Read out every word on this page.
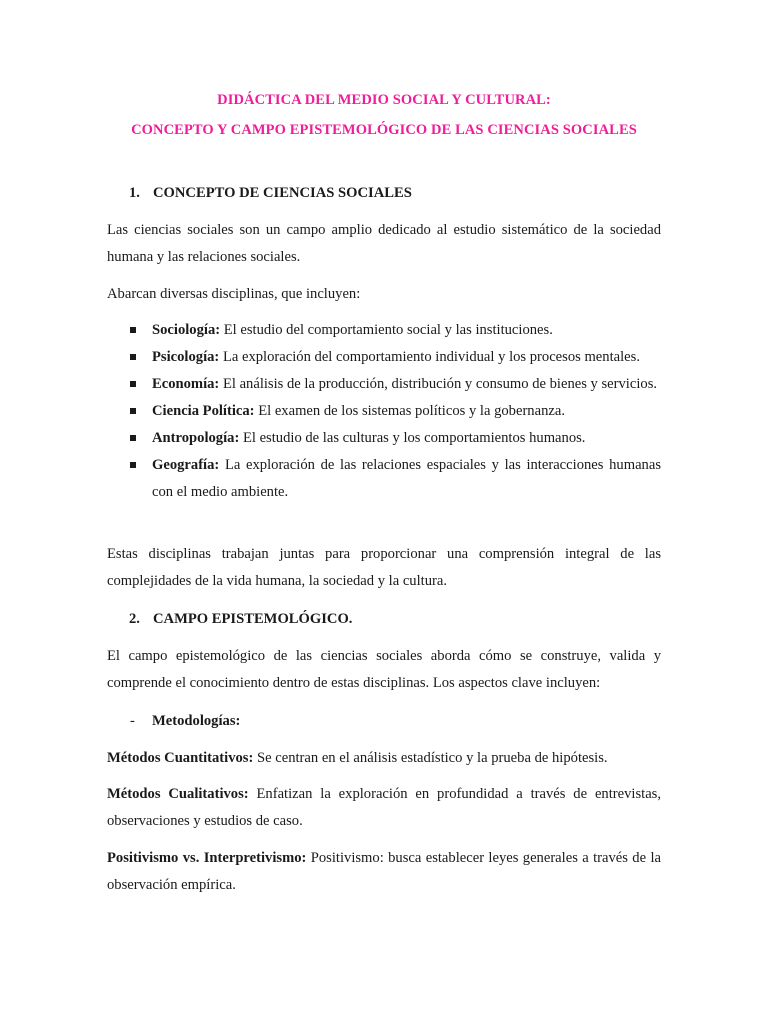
DIDÁCTICA DEL MEDIO SOCIAL Y CULTURAL:
CONCEPTO Y CAMPO EPISTEMOLÓGICO DE LAS CIENCIAS SOCIALES
1. CONCEPTO DE CIENCIAS SOCIALES
Las ciencias sociales son un campo amplio dedicado al estudio sistemático de la sociedad humana y las relaciones sociales.
Abarcan diversas disciplinas, que incluyen:
Sociología: El estudio del comportamiento social y las instituciones.
Psicología: La exploración del comportamiento individual y los procesos mentales.
Economía: El análisis de la producción, distribución y consumo de bienes y servicios.
Ciencia Política: El examen de los sistemas políticos y la gobernanza.
Antropología: El estudio de las culturas y los comportamientos humanos.
Geografía: La exploración de las relaciones espaciales y las interacciones humanas con el medio ambiente.
Estas disciplinas trabajan juntas para proporcionar una comprensión integral de las complejidades de la vida humana, la sociedad y la cultura.
2. CAMPO EPISTEMOLÓGICO.
El campo epistemológico de las ciencias sociales aborda cómo se construye, valida y comprende el conocimiento dentro de estas disciplinas. Los aspectos clave incluyen:
- Metodologías:
Métodos Cuantitativos: Se centran en el análisis estadístico y la prueba de hipótesis.
Métodos Cualitativos: Enfatizan la exploración en profundidad a través de entrevistas, observaciones y estudios de caso.
Positivismo vs. Interpretivismo: Positivismo: busca establecer leyes generales a través de la observación empírica.
